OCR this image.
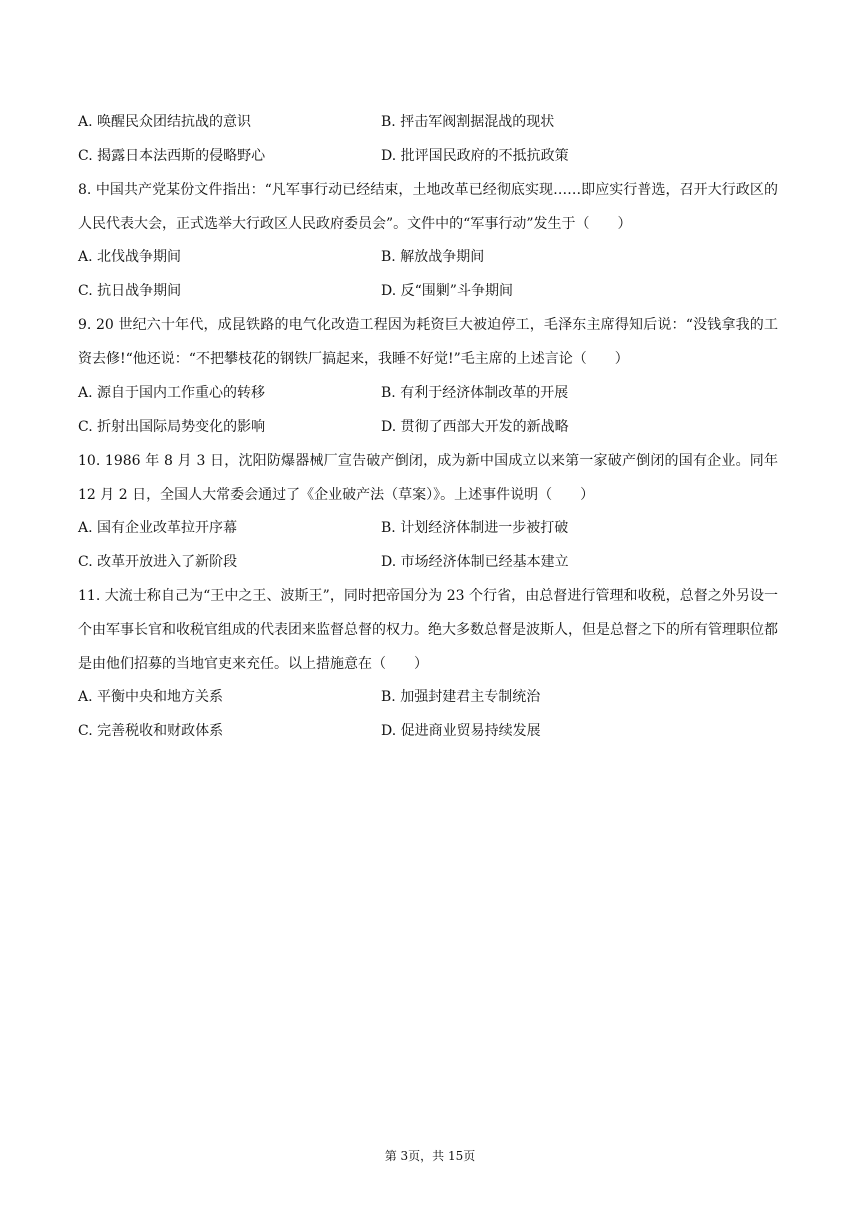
A. 唤醒民众团结抗战的意识	B. 抨击军阀割据混战的现状
C. 揭露日本法西斯的侵略野心	D. 批评国民政府的不抵抗政策
8. 中国共产党某份文件指出：“凡军事行动已经结束，土地改革已经彻底实现……即应实行普选，召开大行政区的人民代表大会，正式选举大行政区人民政府委员会”。文件中的“军事行动”发生于（　　）
A. 北伐战争期间	B. 解放战争期间
C. 抗日战争期间	D. 反“围剿”斗争期间
9. 20 世纪六十年代，成昆铁路的电气化改造工程因为耗资巨大被迫停工，毛泽东主席得知后说：“没钱拿我的工资去修!“他还说：“不把攀枝花的钢铁厂搞起来，我睡不好觉!”毛主席的上述言论（　　）
A. 源自于国内工作重心的转移	B. 有利于经济体制改革的开展
C. 折射出国际局势变化的影响	D. 贯彻了西部大开发的新战略
10. 1986 年 8 月 3 日，沈阳防爆器械厂宣告破产倒闭，成为新中国成立以来第一家破产倒闭的国有企业。同年 12 月 2 日，全国人大常委会通过了《企业破产法（草案）》。上述事件说明（　　）
A. 国有企业改革拉开序幕	B. 计划经济体制进一步被打破
C. 改革开放进入了新阶段	D. 市场经济体制已经基本建立
11. 大流士称自己为“王中之王、波斯王”，同时把帝国分为 23 个行省，由总督进行管理和收税，总督之外另设一个由军事长官和收税官组成的代表团来监督总督的权力。绝大多数总督是波斯人，但是总督之下的所有管理职位都是由他们招募的当地官吏来充任。以上措施意在（　　）
A. 平衡中央和地方关系	B. 加强封建君主专制统治
C. 完善税收和财政体系	D. 促进商业贸易持续发展
第 3页，共 15页
